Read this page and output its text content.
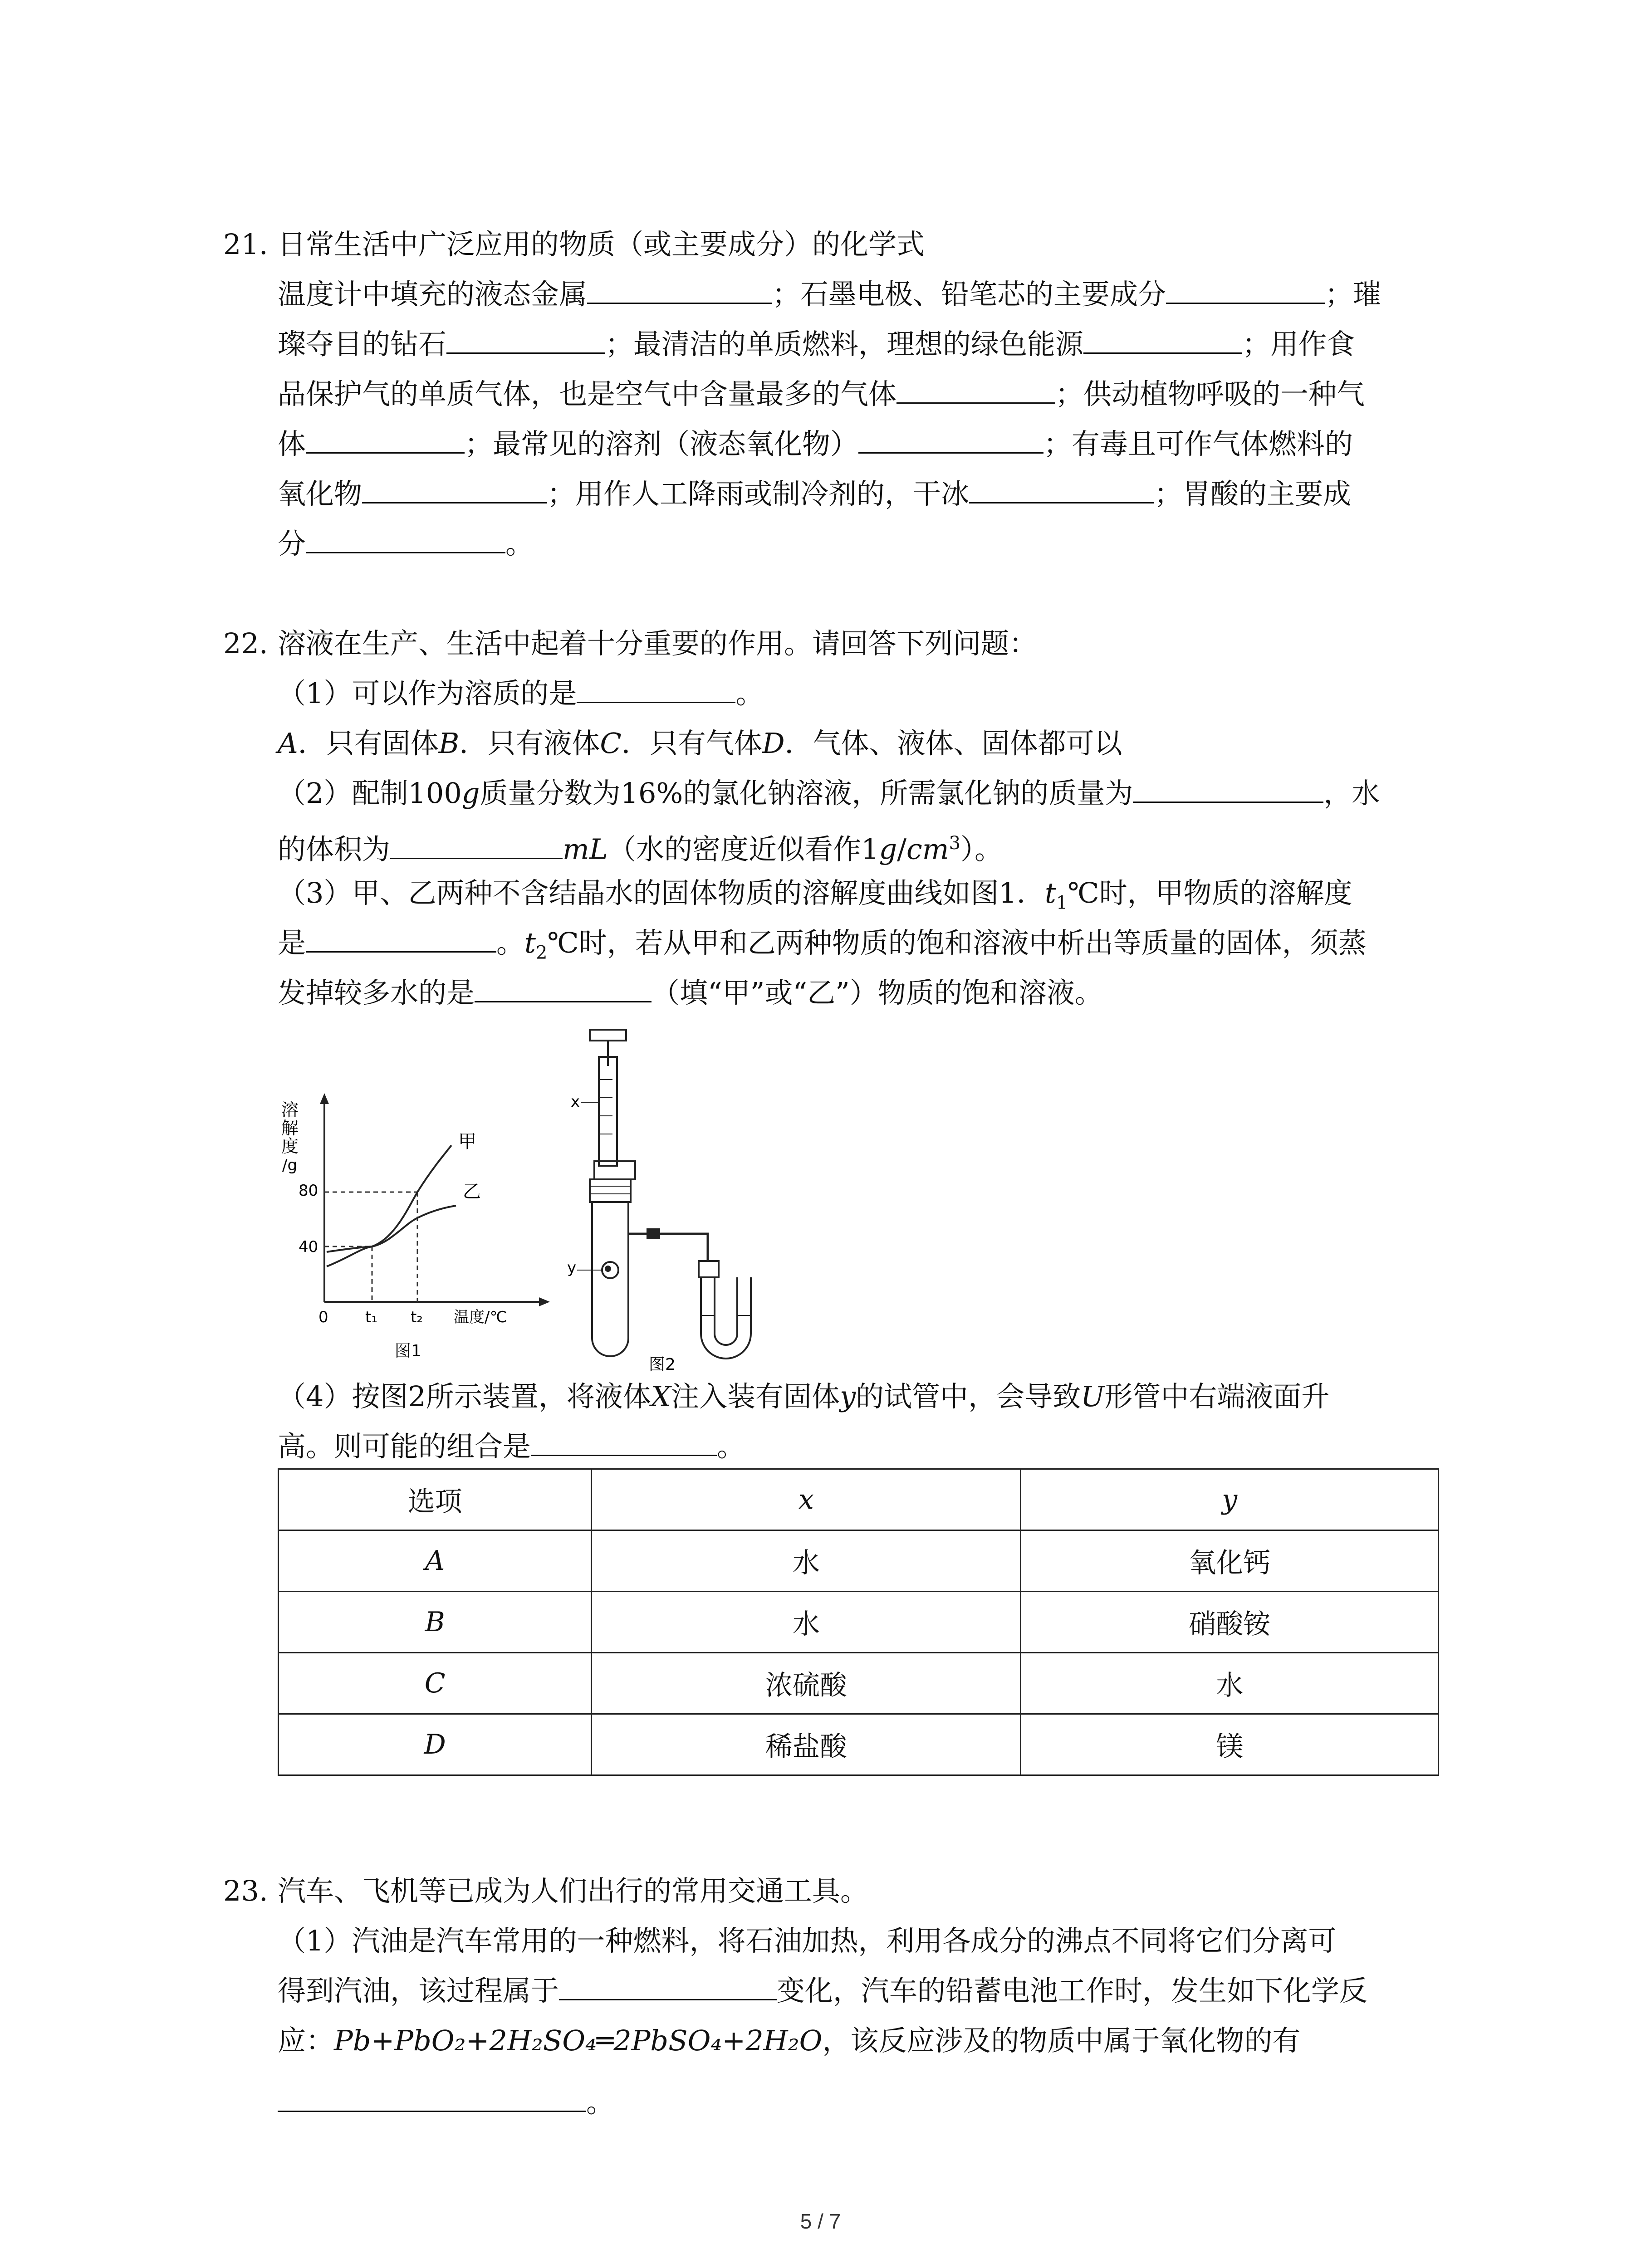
21. 日常生活中广泛应用的物质（或主要成分）的化学式
温度计中填充的液态金属	；石墨电极、铅笔芯的主要成分	；璀
璨夺目的钻石	；最清洁的单质燃料，理想的绿色能源	；用作食
品保护气的单质气体，也是空气中含量最多的气体	；供动植物呼吸的一种气
体	；最常见的溶剂（液态氧化物）	；有毒且可作气体燃料的
氧化物	；用作人工降雨或制冷剂的，干冰	；胃酸的主要成
分	。
22. 溶液在生产、生活中起着十分重要的作用。请回答下列问题：
（1）可以作为溶质的是	。
A．只有固体B．只有液体C．只有气体D．气体、液体、固体都可以
（2）配制100g质量分数为16%的氯化钠溶液，所需氯化钠的质量为	，水
的体积为	mL（水的密度近似看作$1g/cm^3$）。
（3）甲、乙两种不含结晶水的固体物质的溶解度曲线如图1．$t_1℃$时，甲物质的溶解度
是	。$t_2℃$时，若从甲和乙两种物质的饱和溶液中析出等质量的固体，须蒸
发掉较多水的是	（填“甲”或“乙”）物质的饱和溶液。
溶
解
度
/g
80
40
甲
乙
0 t₁ t₂ 温度/℃
图1
x
y
图2
（4）按图2所示装置，将液体X注入装有固体y的试管中，会导致U形管中右端液面升
高。则可能的组合是	。
选项	x	y
A	水	氧化钙
B	水	硝酸铵
C	浓硫酸	水
D	稀盐酸	镁
23. 汽车、飞机等已成为人们出行的常用交通工具。
（1）汽油是汽车常用的一种燃料，将石油加热，利用各成分的沸点不同将它们分离可
得到汽油，该过程属于	变化，汽车的铅蓄电池工作时，发生如下化学反
应：Pb+PbO₂+2H₂SO₄═2PbSO₄+2H₂O，该反应涉及的物质中属于氧化物的有
。
5 / 7
